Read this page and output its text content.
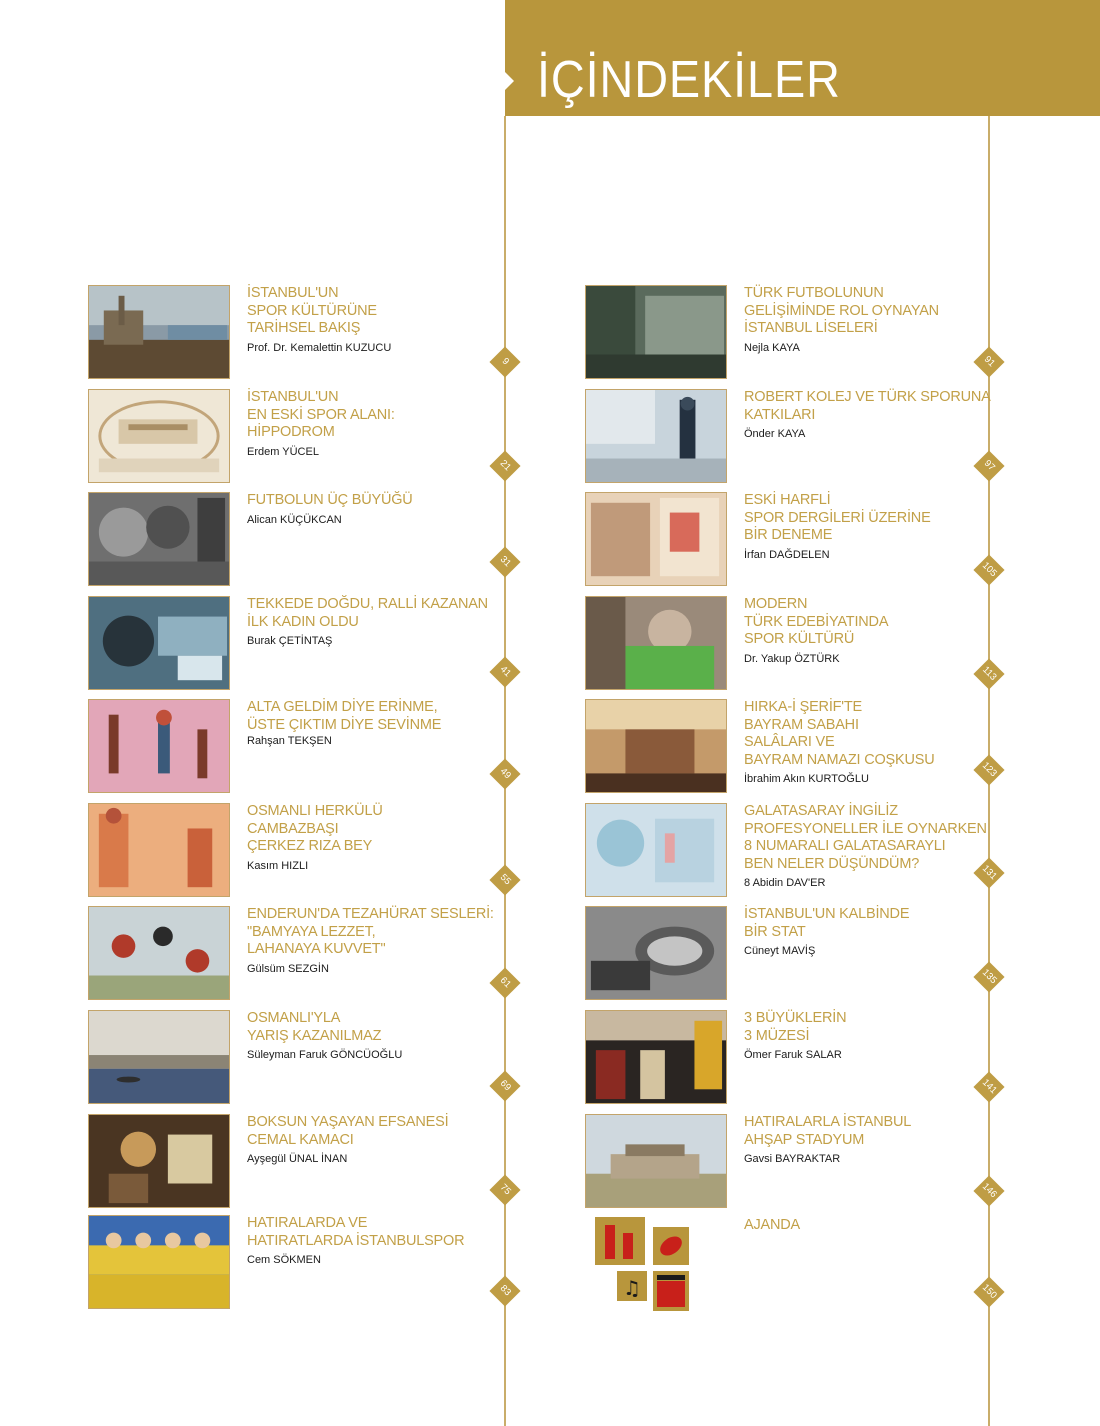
İÇİNDEKİLER

İSTANBUL'UN
SPOR KÜLTÜRÜNE
TARİHSEL BAKIŞ

Prof. Dr. Kemalettin KUZUCU

İSTANBUL'UN
EN ESKİ SPOR ALANI:
HİPPODROM

Erdem YÜCEL

FUTBOLUN ÜÇ BÜYÜĞÜ

Alican KÜÇÜKCAN

TEKKEDE DOĞDU, RALLİ KAZANAN
İLK KADIN OLDU

Burak ÇETİNTAŞ

ALTA GELDİM DİYE ERİNME,
ÜSTE ÇIKTIM DİYE SEVİNME

Rahşan TEKŞEN

OSMANLI HERKÜLÜ
CAMBAZBAŞI
ÇERKEZ RIZA BEY

Kasım HIZLI

ENDERUN'DA TEZAHÜRAT SESLERİ:
"BAMYAYA LEZZET,
LAHANAYA KUVVET"

Gülsüm SEZGİN

OSMANLI'YLA
YARIŞ KAZANILMAZ

Süleyman Faruk GÖNCÜOĞLU

BOKSUN YAŞAYAN EFSANESİ
CEMAL KAMACI

Ayşegül ÜNAL İNAN

HATIRALARDA VE
HATIRATLARDA İSTANBULSPOR

Cem SÖKMEN

TÜRK FUTBOLUNUN
GELİŞİMİNDE ROL OYNAYAN
İSTANBUL LİSELERİ

Nejla KAYA

ROBERT KOLEJ VE TÜRK SPORUNA
KATKILARI

Önder KAYA

ESKİ HARFLİ
SPOR DERGİLERİ ÜZERİNE
BİR DENEME

İrfan DAĞDELEN

MODERN
TÜRK EDEBİYATINDA
SPOR KÜLTÜRÜ

Dr. Yakup ÖZTÜRK

HIRKA-İ ŞERİF'TE
BAYRAM SABAHI
SALÂLARI VE
BAYRAM NAMAZI COŞKUSU

İbrahim Akın KURTOĞLU

GALATASARAY İNGİLİZ
PROFESYONELLER İLE OYNARKEN
8 NUMARALI GALATASARAYLI
BEN NELER DÜŞÜNDÜM?

8 Abidin DAV'ER

İSTANBUL'UN KALBİNDE
BİR STAT

Cüneyt MAVİŞ

3 BÜYÜKLERİN
3 MÜZESİ

Ömer Faruk SALAR

HATIRALARLA İSTANBUL
AHŞAP STADYUM

Gavsi BAYRAKTAR

♫

AJANDA

9
21
31
41
49
55
61
69
75
83
91
97
105
113
123
131
135
141
146
150
